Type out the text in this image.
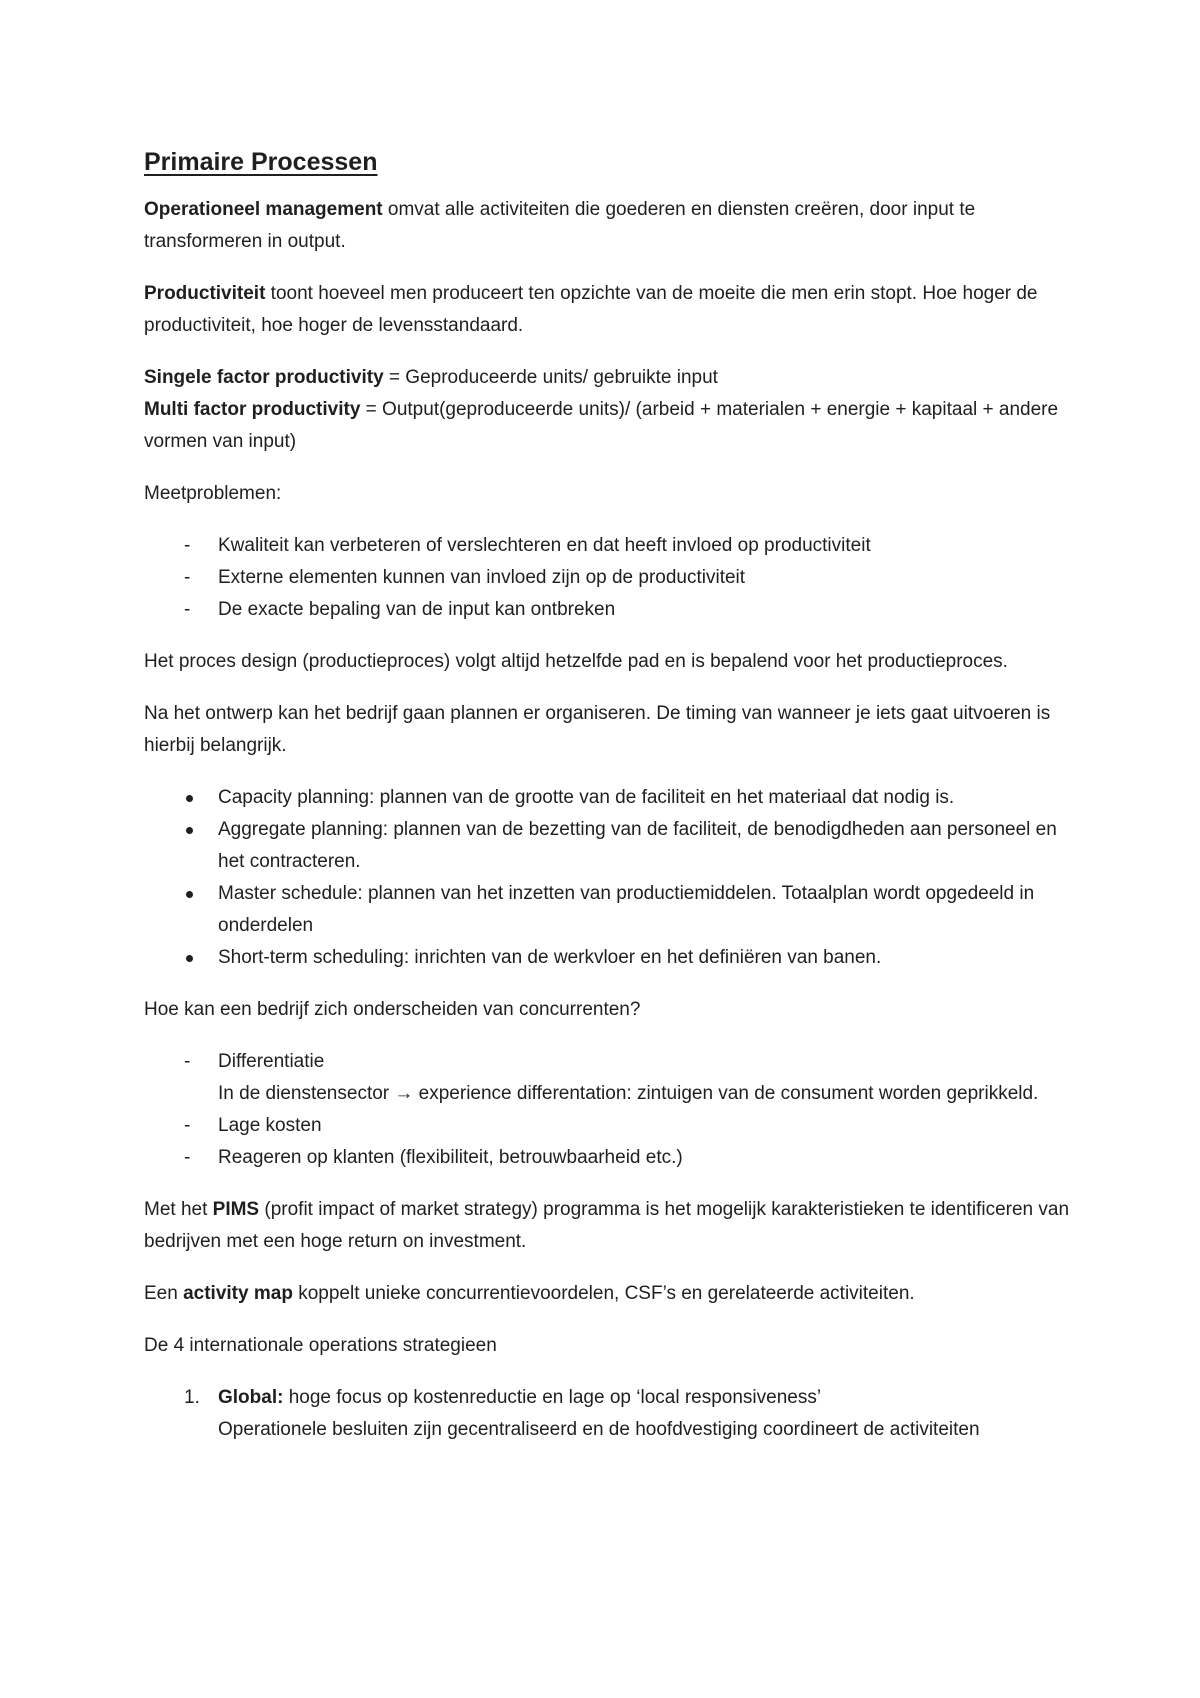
Primaire Processen

Operationeel management omvat alle activiteiten die goederen en diensten creëren, door input te transformeren in output.

Productiviteit toont hoeveel men produceert ten opzichte van de moeite die men erin stopt. Hoe hoger de productiviteit, hoe hoger de levensstandaard.

Singele factor productivity = Geproduceerde units/ gebruikte input
Multi factor productivity = Output(geproduceerde units)/ (arbeid + materialen + energie + kapitaal + andere vormen van input)

Meetproblemen:

-	Kwaliteit kan verbeteren of verslechteren en dat heeft invloed op productiviteit
-	Externe elementen kunnen van invloed zijn op de productiviteit
-	De exacte bepaling van de input kan ontbreken

Het proces design (productieproces) volgt altijd hetzelfde pad en is bepalend voor het productieproces.

Na het ontwerp kan het bedrijf gaan plannen er organiseren. De timing van wanneer je iets gaat uitvoeren is hierbij belangrijk.

Capacity planning: plannen van de grootte van de faciliteit en het materiaal dat nodig is.
Aggregate planning: plannen van de bezetting van de faciliteit, de benodigdheden aan personeel en het contracteren.
Master schedule: plannen van het inzetten van productiemiddelen. Totaalplan wordt opgedeeld in onderdelen
Short-term scheduling: inrichten van de werkvloer en het definiëren van banen.

Hoe kan een bedrijf zich onderscheiden van concurrenten?

-	Differentiatie
In de dienstensector → experience differentation: zintuigen van de consument worden geprikkeld.
-	Lage kosten
-	Reageren op klanten (flexibiliteit, betrouwbaarheid etc.)

Met het PIMS (profit impact of market strategy) programma is het mogelijk karakteristieken te identificeren van bedrijven met een hoge return on investment.

Een activity map koppelt unieke concurrentievoordelen, CSF’s en gerelateerde activiteiten.

De 4 internationale operations strategieen

1. Global: hoge focus op kostenreductie en lage op ‘local responsiveness’
Operationele besluiten zijn gecentraliseerd en de hoofdvestiging coordineert de activiteiten
